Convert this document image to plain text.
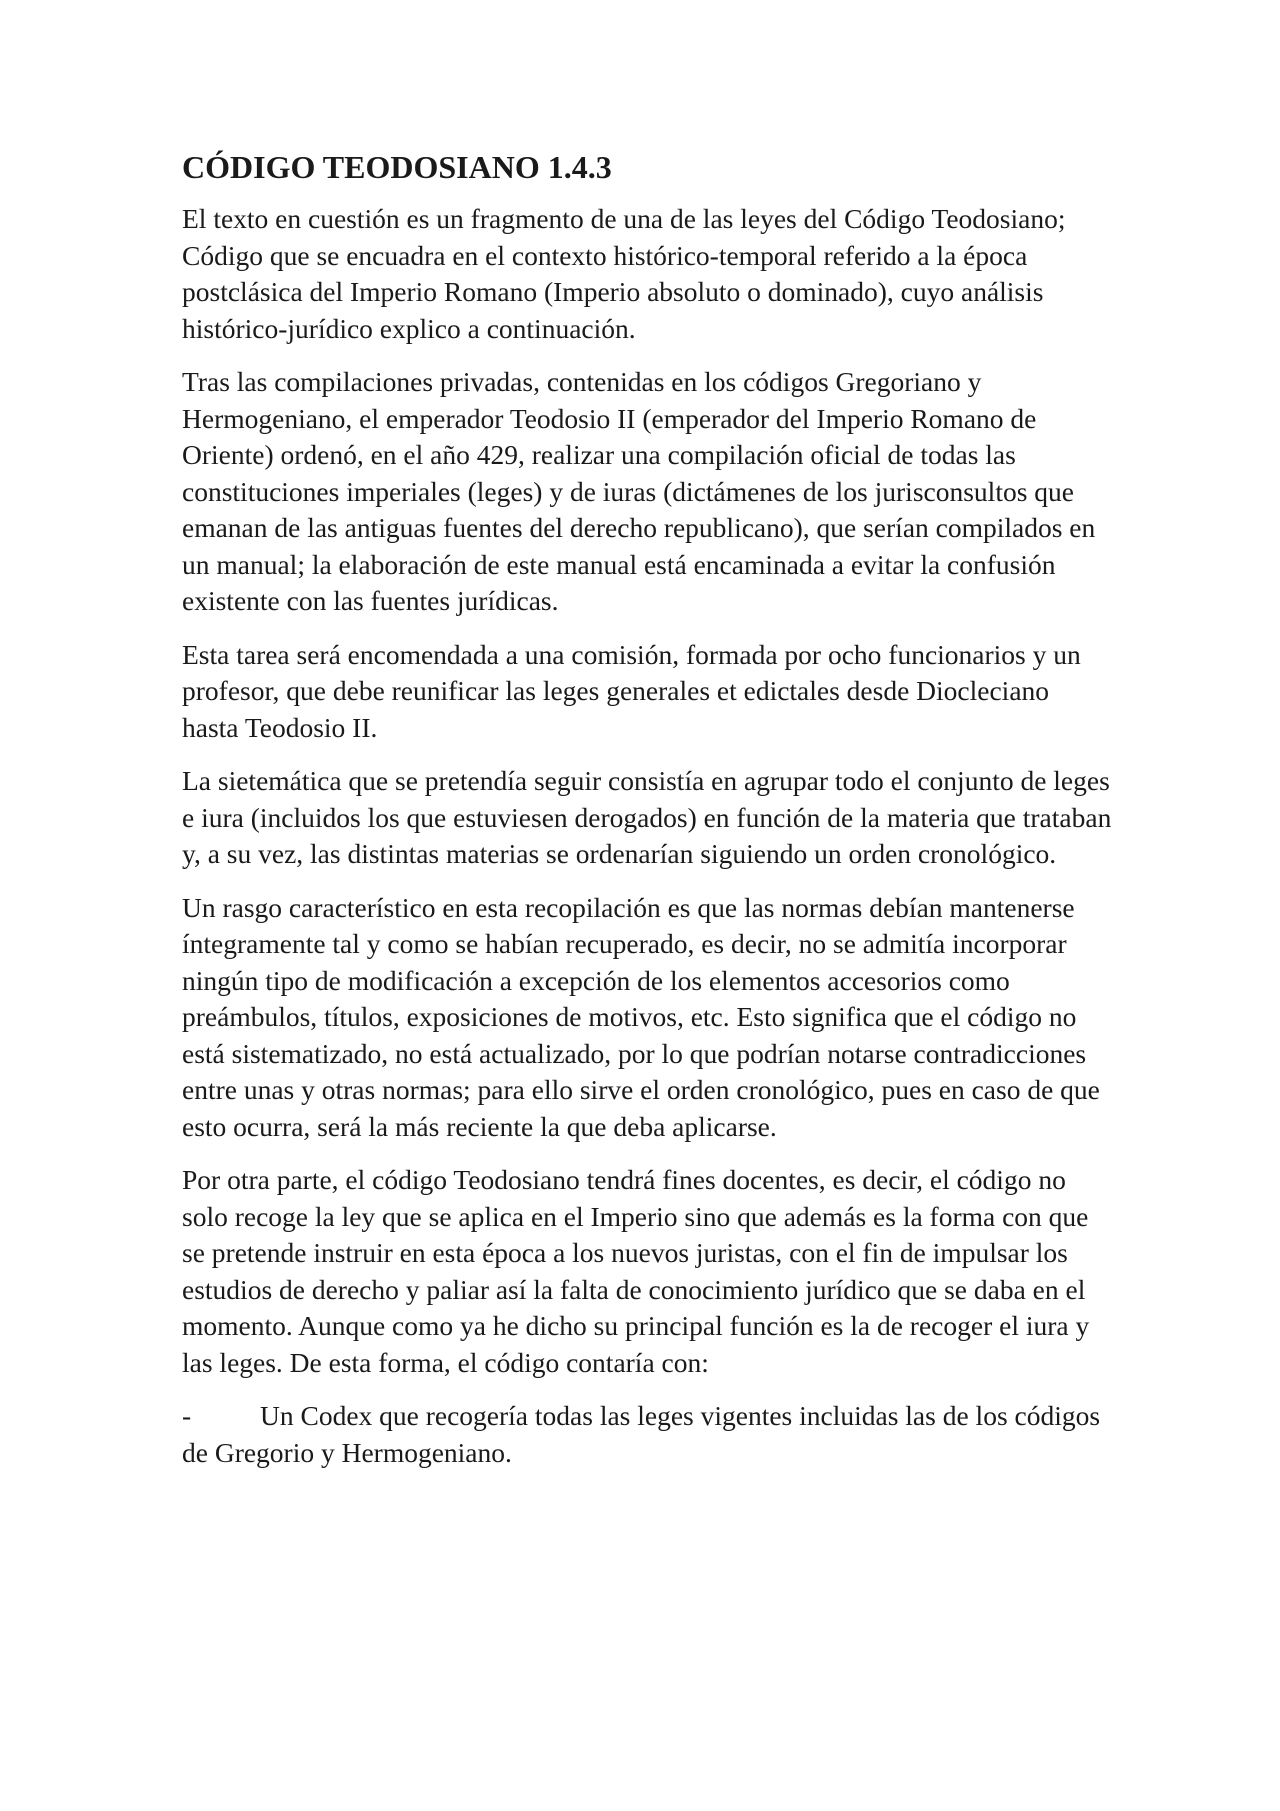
CÓDIGO TEODOSIANO 1.4.3

El texto en cuestión es un fragmento de una de las leyes del Código Teodosiano; Código que se encuadra en el contexto histórico-temporal referido a la época postclásica del Imperio Romano (Imperio absoluto o dominado), cuyo análisis histórico-jurídico explico a continuación.

Tras las compilaciones privadas, contenidas en los códigos Gregoriano y Hermogeniano, el emperador Teodosio II (emperador del Imperio Romano de Oriente) ordenó, en el año 429, realizar una compilación oficial de todas las constituciones imperiales (leges) y de iuras (dictámenes de los jurisconsultos que emanan de las antiguas fuentes del derecho republicano), que serían compilados en un manual; la elaboración de este manual está encaminada a evitar la confusión existente con las fuentes jurídicas.

Esta tarea será encomendada a una comisión, formada por ocho funcionarios y un profesor, que debe reunificar las leges generales et edictales desde Diocleciano hasta Teodosio II.

La sietemática que se pretendía seguir consistía en agrupar todo el conjunto de leges e iura (incluidos los que estuviesen derogados) en función de la materia que trataban y, a su vez, las distintas materias se ordenarían siguiendo un orden cronológico.

Un rasgo característico en esta recopilación es que las normas debían mantenerse íntegramente tal y como se habían recuperado, es decir, no se admitía incorporar ningún tipo de modificación a excepción de los elementos accesorios como preámbulos, títulos, exposiciones de motivos, etc. Esto significa que el código no está sistematizado, no está actualizado, por lo que podrían notarse contradicciones entre unas y otras normas; para ello sirve el orden cronológico, pues en caso de que esto ocurra, será la más reciente la que deba aplicarse.

Por otra parte, el código Teodosiano tendrá fines docentes, es decir, el código no solo recoge la ley que se aplica en el Imperio sino que además es la forma con que se pretende instruir en esta época a los nuevos juristas, con el fin de impulsar los estudios de derecho y paliar así la falta de conocimiento jurídico que se daba en el momento. Aunque como ya he dicho su principal función es la de recoger el iura y las leges. De esta forma, el código contaría con:

-	Un Codex que recogería todas las leges vigentes incluidas las de los códigos de Gregorio y Hermogeniano.
